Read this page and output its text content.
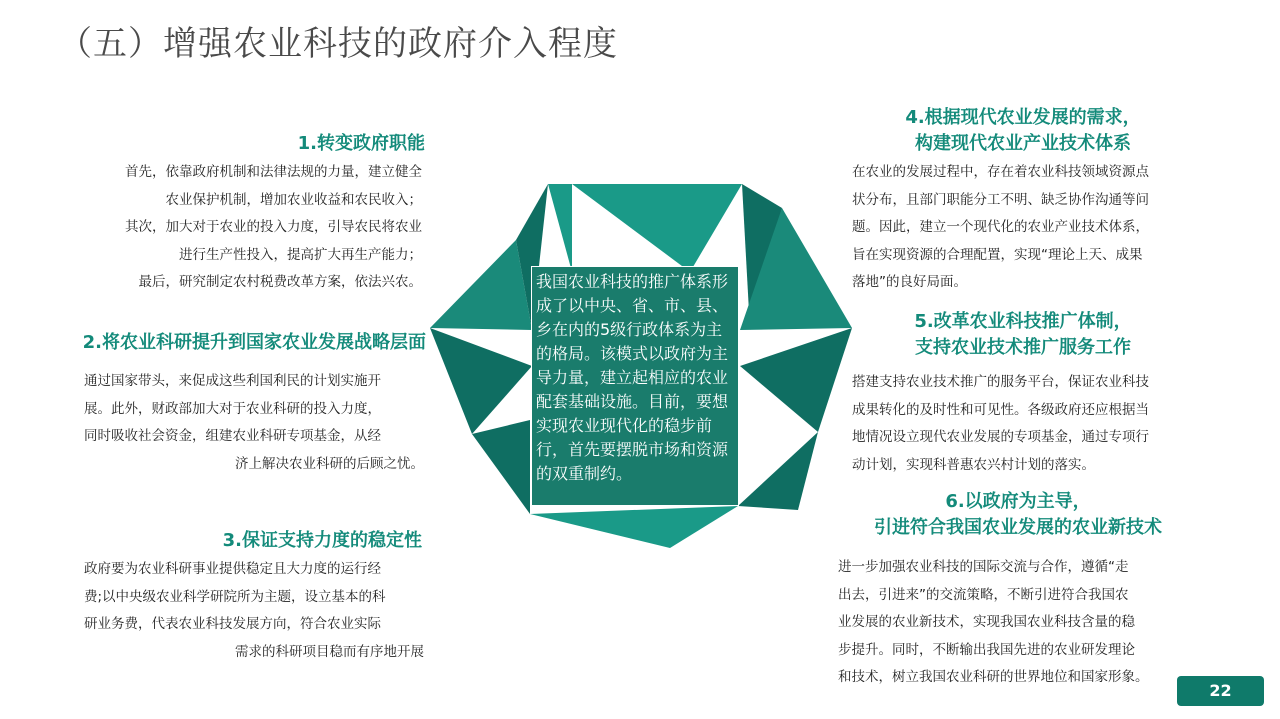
（五）增强农业科技的政府介入程度
1.转变政府职能
首先，依靠政府机制和法律法规的力量，建立健全
农业保护机制，增加农业收益和农民收入；
其次，加大对于农业的投入力度，引导农民将农业
进行生产性投入，提高扩大再生产能力；
最后，研究制定农村税费改革方案，依法兴农。
2.将农业科研提升到国家农业发展战略层面
通过国家带头，来促成这些利国利民的计划实施开
展。此外，财政部加大对于农业科研的投入力度，
同时吸收社会资金，组建农业科研专项基金，从经
济上解决农业科研的后顾之忧。
3.保证支持力度的稳定性
政府要为农业科研事业提供稳定且大力度的运行经
费;以中央级农业科学研院所为主题，设立基本的科
研业务费，代表农业科技发展方向，符合农业实际
需求的科研项目稳而有序地开展
我国农业科技的推广体系形成了以中央、省、市、县、乡在内的5级行政体系为主的格局。该模式以政府为主导力量，建立起相应的农业配套基础设施。目前，要想实现农业现代化的稳步前行，首先要摆脱市场和资源的双重制约。
4.根据现代农业发展的需求，
构建现代农业产业技术体系
在农业的发展过程中，存在着农业科技领域资源点
状分布，且部门职能分工不明、缺乏协作沟通等问
题。因此，建立一个现代化的农业产业技术体系，
旨在实现资源的合理配置，实现“理论上天、成果
落地”的良好局面。
5.改革农业科技推广体制，
支持农业技术推广服务工作
搭建支持农业技术推广的服务平台，保证农业科技
成果转化的及时性和可见性。各级政府还应根据当
地情况设立现代农业发展的专项基金，通过专项行
动计划，实现科普惠农兴村计划的落实。
6.以政府为主导，
引进符合我国农业发展的农业新技术
进一步加强农业科技的国际交流与合作，遵循“走
出去，引进来”的交流策略，不断引进符合我国农
业发展的农业新技术，实现我国农业科技含量的稳
步提升。同时，不断输出我国先进的农业研发理论
和技术，树立我国农业科研的世界地位和国家形象。
22
